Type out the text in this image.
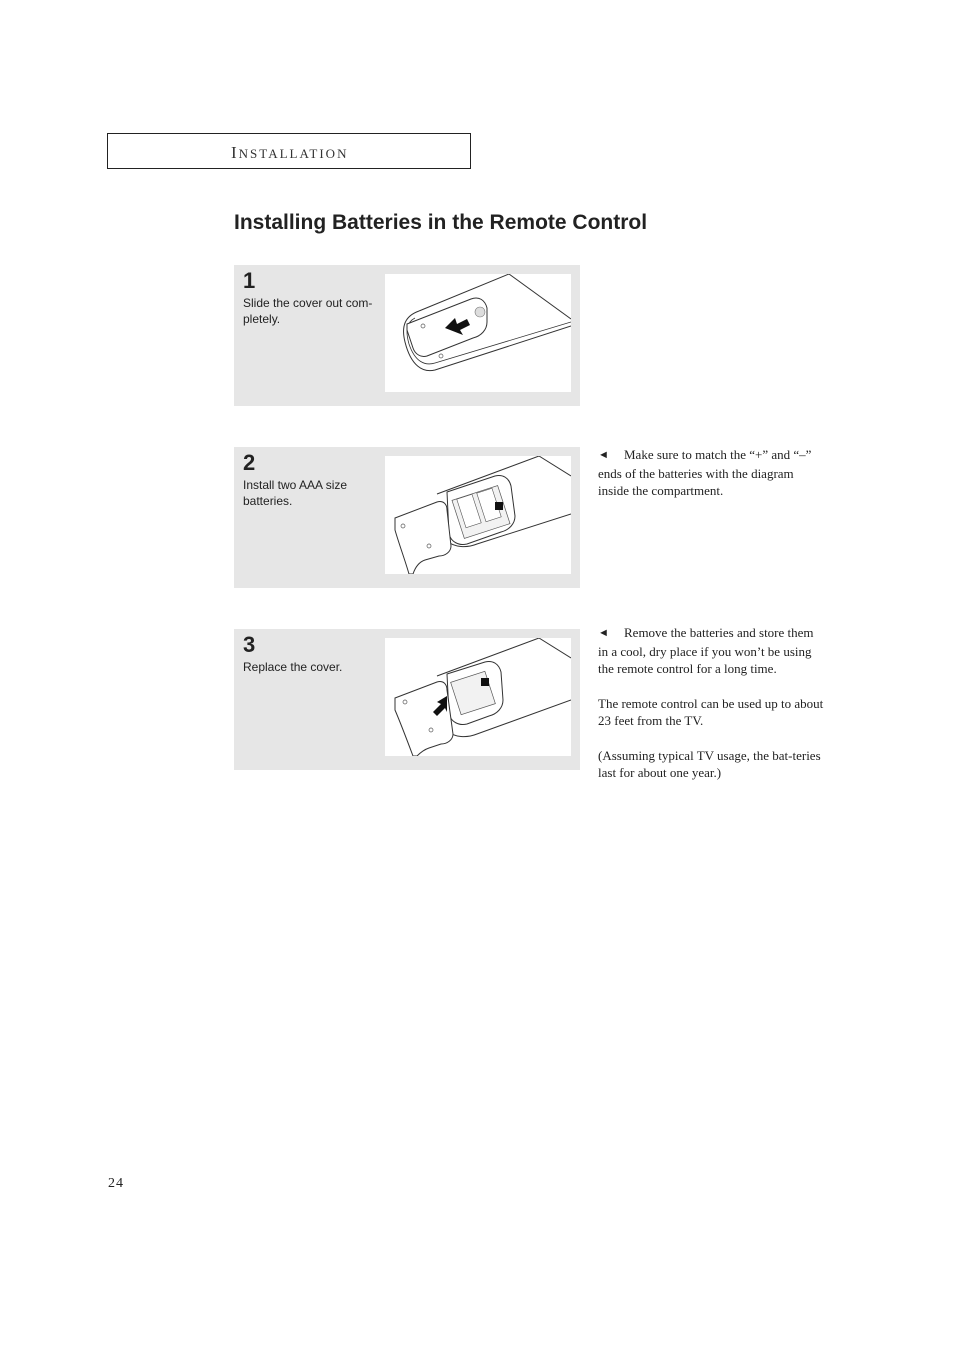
INSTALLATION
Installing Batteries in the Remote Control
1
Slide the cover out com-pletely.
2
Install two AAA size batteries.
3
Replace the cover.

◄ Make sure to match the “+” and “–” ends of the batteries with the diagram inside the compartment.

◄ Remove the batteries and store them in a cool, dry place if you won’t be using the remote control for a long time.

The remote control can be used up to about 23 feet from the TV.

(Assuming typical TV usage, the bat-teries last for about one year.)

24
